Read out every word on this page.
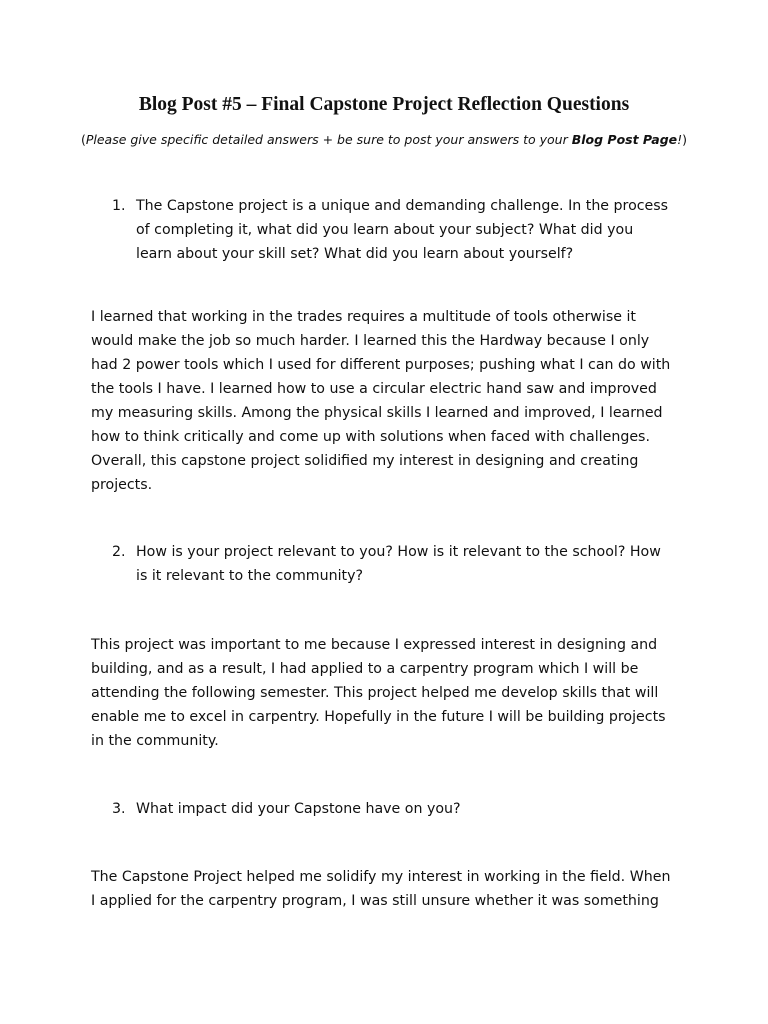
Blog Post #5 – Final Capstone Project Reflection Questions
(Please give specific detailed answers + be sure to post your answers to your Blog Post Page!)
1. The Capstone project is a unique and demanding challenge. In the process
of completing it, what did you learn about your subject? What did you
learn about your skill set? What did you learn about yourself?
I learned that working in the trades requires a multitude of tools otherwise it
would make the job so much harder. I learned this the Hardway because I only
had 2 power tools which I used for different purposes; pushing what I can do with
the tools I have. I learned how to use a circular electric hand saw and improved
my measuring skills. Among the physical skills I learned and improved, I learned
how to think critically and come up with solutions when faced with challenges.
Overall, this capstone project solidified my interest in designing and creating
projects.
2. How is your project relevant to you? How is it relevant to the school? How
is it relevant to the community?
This project was important to me because I expressed interest in designing and
building, and as a result, I had applied to a carpentry program which I will be
attending the following semester. This project helped me develop skills that will
enable me to excel in carpentry. Hopefully in the future I will be building projects
in the community.
3. What impact did your Capstone have on you?
The Capstone Project helped me solidify my interest in working in the field. When
I applied for the carpentry program, I was still unsure whether it was something
